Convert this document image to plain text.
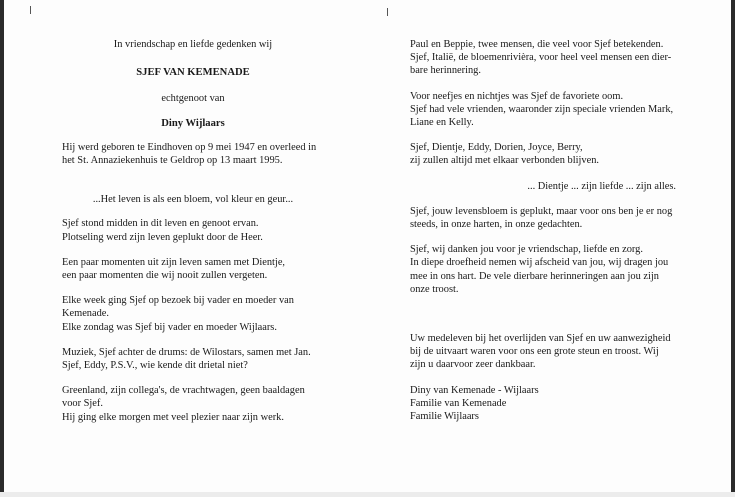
In vriendschap en liefde gedenken wij
SJEF VAN KEMENADE
echtgenoot van
Diny Wijlaars
Hij werd geboren te Eindhoven op 9 mei 1947 en overleed in
het St. Annaziekenhuis te Geldrop op 13 maart 1995.
...Het leven is als een bloem, vol kleur en geur...
Sjef stond midden in dit leven en genoot ervan.
Plotseling werd zijn leven geplukt door de Heer.
Een paar momenten uit zijn leven samen met Dientje,
een paar momenten die wij nooit zullen vergeten.
Elke week ging Sjef op bezoek bij vader en moeder van
Kemenade.
Elke zondag was Sjef bij vader en moeder Wijlaars.
Muziek, Sjef achter de drums: de Wilostars, samen met Jan.
Sjef, Eddy, P.S.V., wie kende dit drietal niet?
Greenland, zijn collega's, de vrachtwagen, geen baaldagen
voor Sjef.
Hij ging elke morgen met veel plezier naar zijn werk.
Paul en Beppie, twee mensen, die veel voor Sjef betekenden.
Sjef, Italië, de bloemenrivièra, voor heel veel mensen een dier-
bare herinnering.
Voor neefjes en nichtjes was Sjef de favoriete oom.
Sjef had vele vrienden, waaronder zijn speciale vrienden Mark,
Liane en Kelly.
Sjef, Dientje, Eddy, Dorien, Joyce, Berry,
zij zullen altijd met elkaar verbonden blijven.
... Dientje ... zijn liefde ... zijn alles.
Sjef, jouw levensbloem is geplukt, maar voor ons ben je er nog
steeds, in onze harten, in onze gedachten.
Sjef, wij danken jou voor je vriendschap, liefde en zorg.
In diepe droefheid nemen wij afscheid van jou, wij dragen jou
mee in ons hart. De vele dierbare herinneringen aan jou zijn
onze troost.
Uw medeleven bij het overlijden van Sjef en uw aanwezigheid
bij de uitvaart waren voor ons een grote steun en troost. Wij
zijn u daarvoor zeer dankbaar.
Diny van Kemenade - Wijlaars
Familie van Kemenade
Familie Wijlaars
